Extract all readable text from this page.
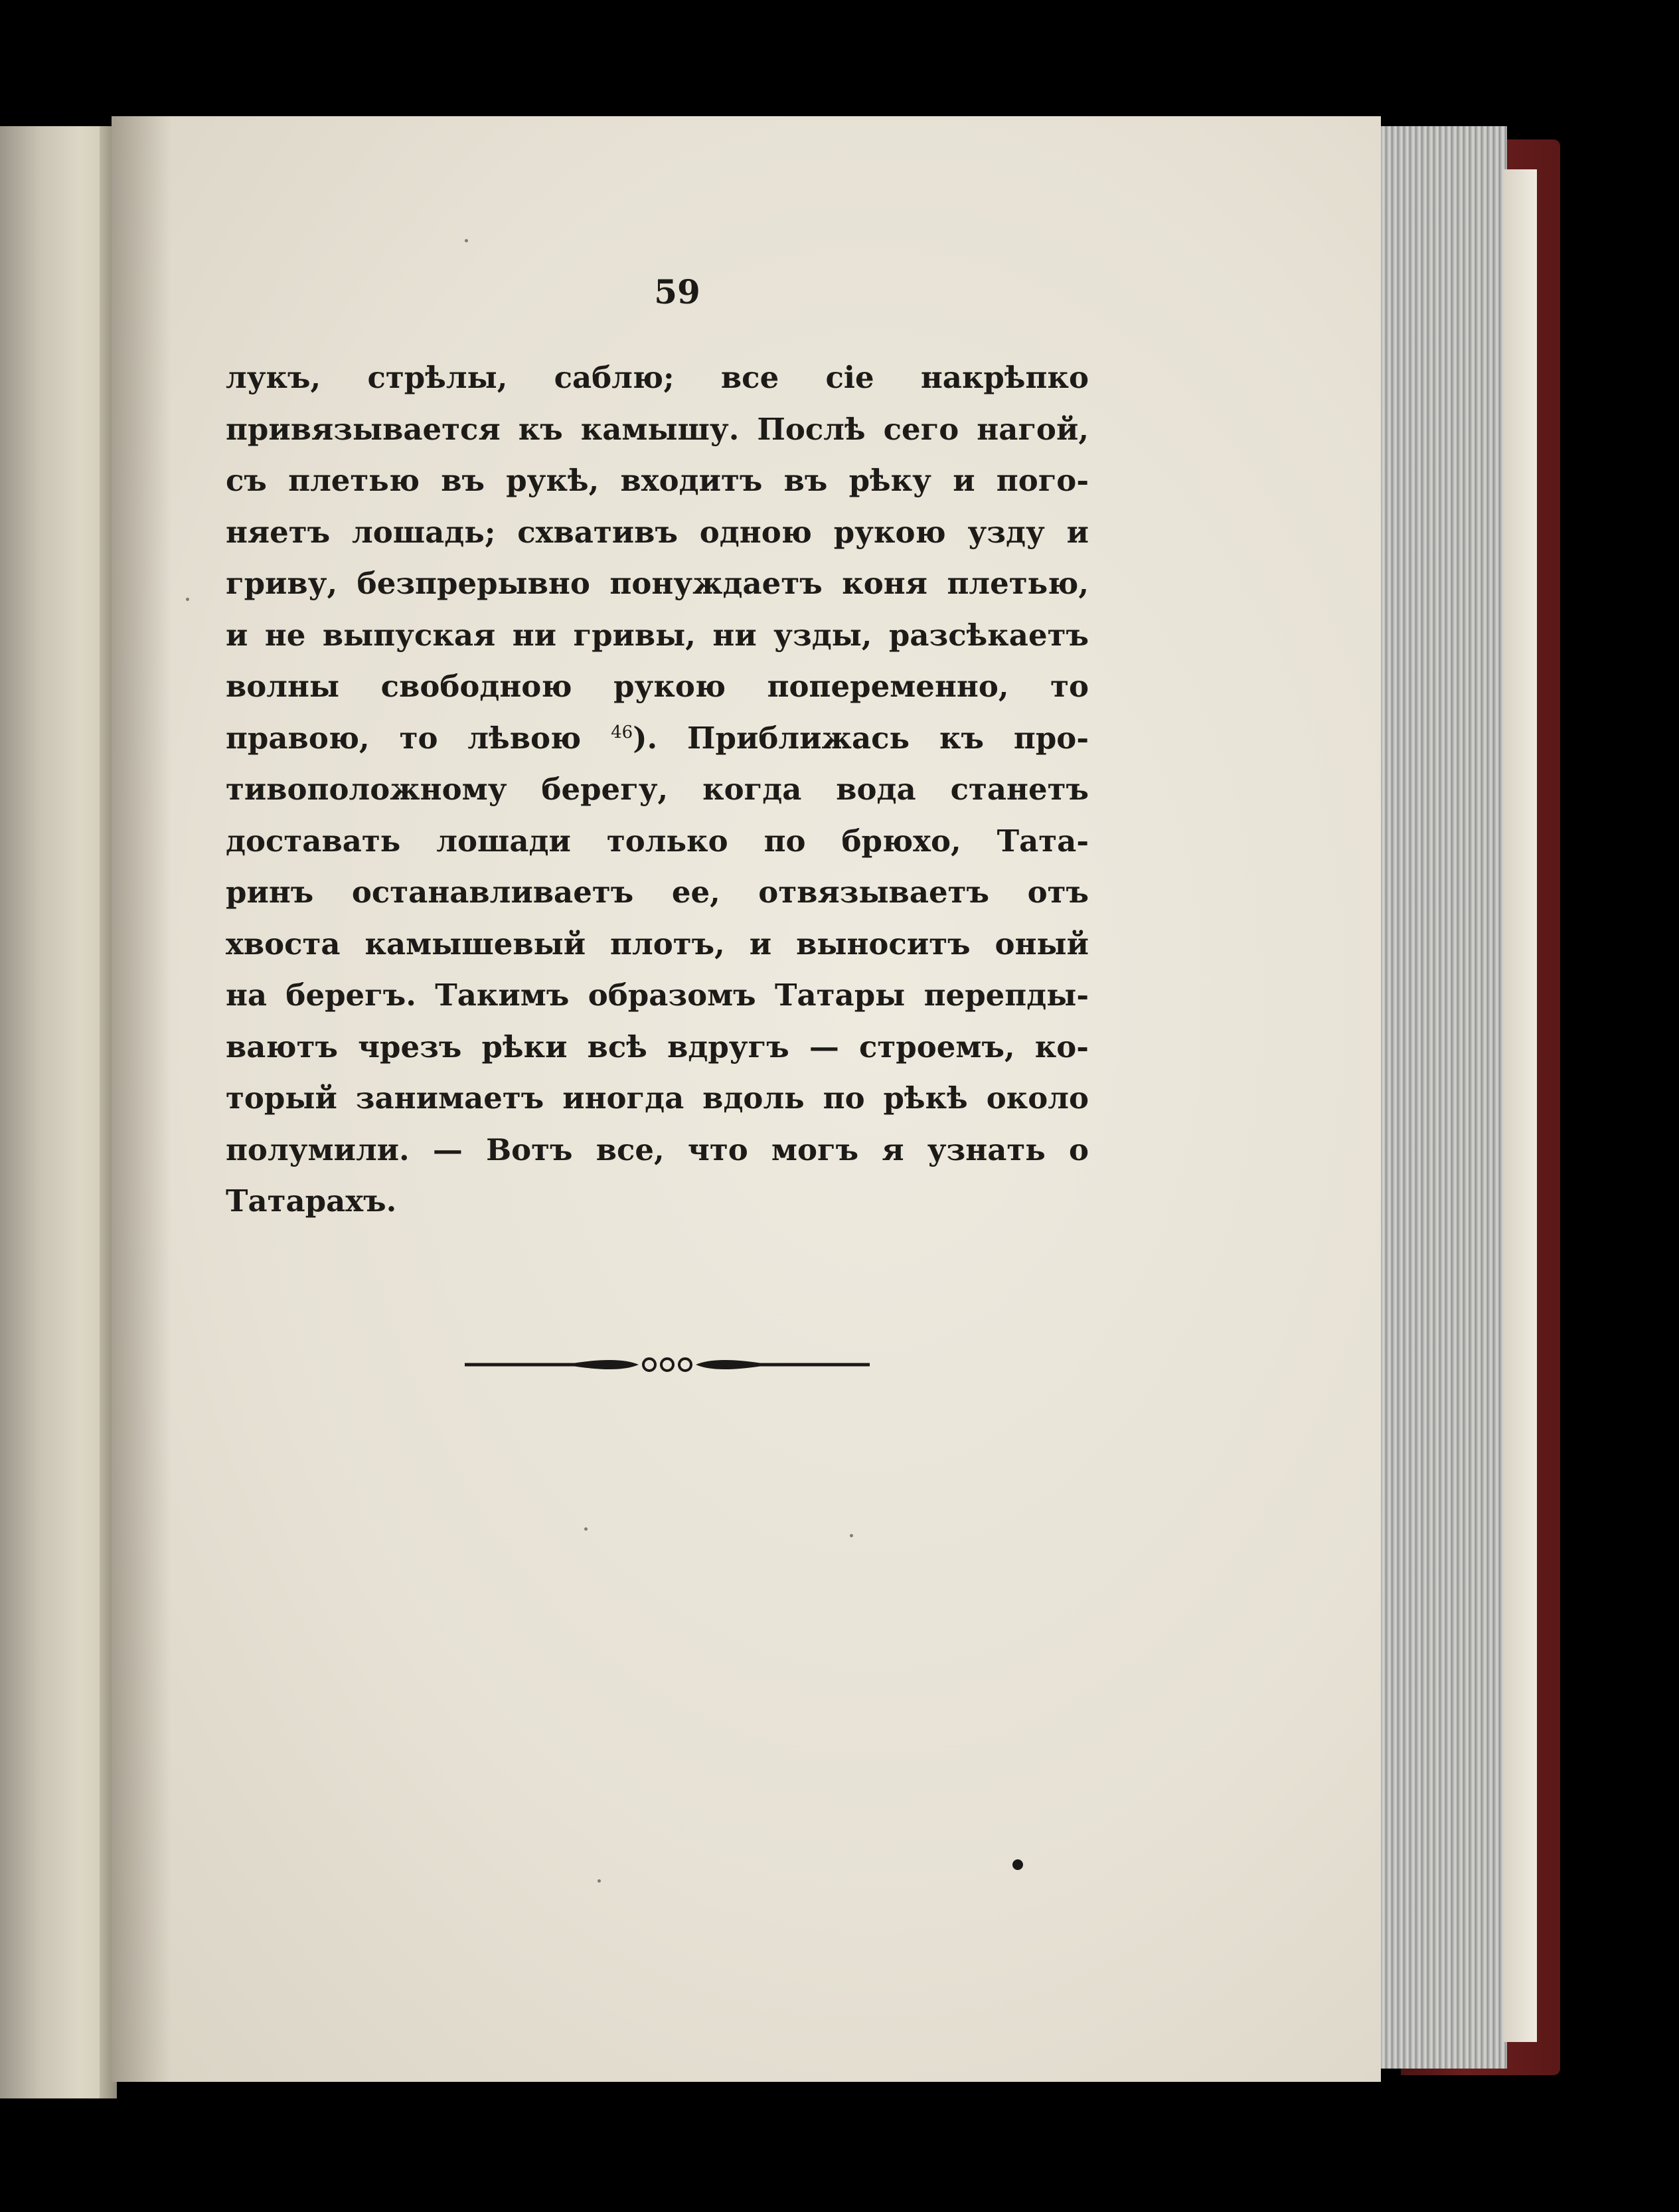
59
лукъ, стрѣлы, саблю; все сіе накрѣпко
привязывается къ камышу. Послѣ сего нагой,
съ плетью въ рукѣ, входитъ въ рѣку и пого-
няетъ лошадь; схвативъ одною рукою узду и
гриву, безпрерывно понуждаетъ коня плетью,
и не выпуская ни гривы, ни узды, разсѣкаетъ
волны свободною рукою попеременно, то
правою, то лѣвою $^{46}$). Приближась къ про-
тивоположному берегу, когда вода станетъ
доставать лошади только по брюхо, Тата-
ринъ останавливаетъ ее, отвязываетъ отъ
хвоста камышевый плотъ, и выноситъ оный
на берегъ. Такимъ образомъ Татары перепды-
ваютъ чрезъ рѣки всѣ вдругъ — строемъ, ко-
торый занимаетъ иногда вдоль по рѣкѣ около
полумили. — Вотъ все, что могъ я узнать о
Татарахъ.
